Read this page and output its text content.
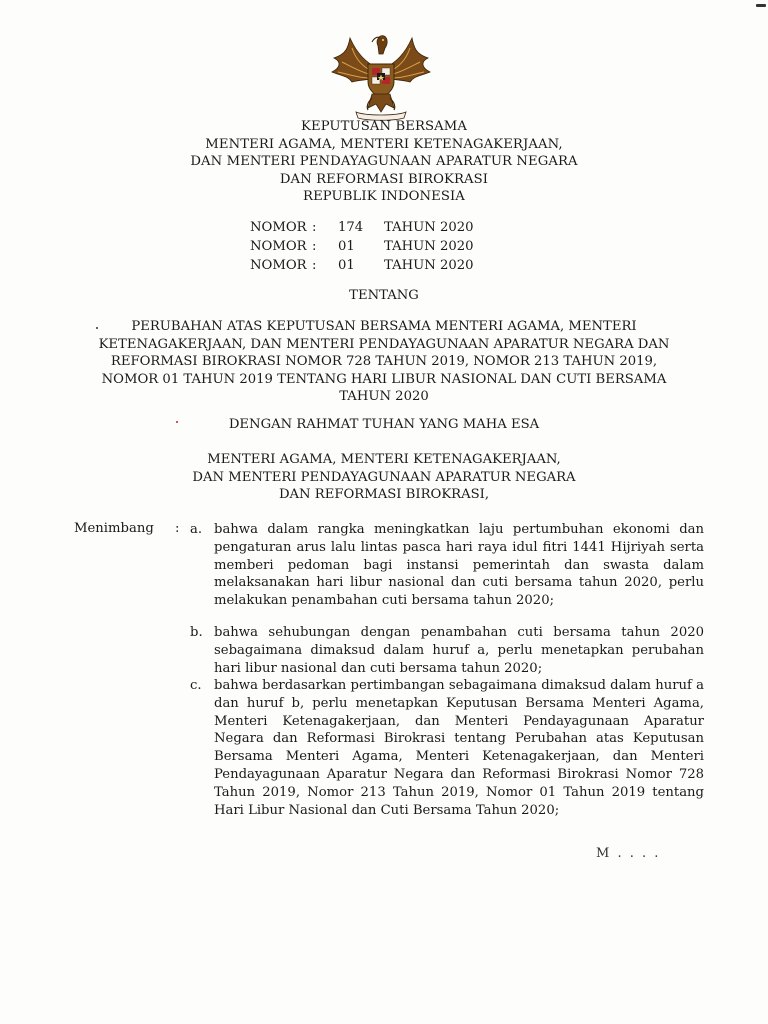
KEPUTUSAN BERSAMA
MENTERI AGAMA, MENTERI KETENAGAKERJAAN,
DAN MENTERI PENDAYAGUNAAN APARATUR NEGARA
DAN REFORMASI BIROKRASI
REPUBLIK INDONESIA
NOMOR :	174	TAHUN 2020
NOMOR :	01	TAHUN 2020
NOMOR :	01	TAHUN 2020
TENTANG
PERUBAHAN ATAS KEPUTUSAN BERSAMA MENTERI AGAMA, MENTERI
KETENAGAKERJAAN, DAN MENTERI PENDAYAGUNAAN APARATUR NEGARA DAN
REFORMASI BIROKRASI NOMOR 728 TAHUN 2019, NOMOR 213 TAHUN 2019,
NOMOR 01 TAHUN 2019 TENTANG HARI LIBUR NASIONAL DAN CUTI BERSAMA
TAHUN 2020
DENGAN RAHMAT TUHAN YANG MAHA ESA
MENTERI AGAMA, MENTERI KETENAGAKERJAAN,
DAN MENTERI PENDAYAGUNAAN APARATUR NEGARA
DAN REFORMASI BIROKRASI,
Menimbang : a. bahwa dalam rangka meningkatkan laju pertumbuhan ekonomi dan pengaturan arus lalu lintas pasca hari raya idul fitri 1441 Hijriyah serta memberi pedoman bagi instansi pemerintah dan swasta dalam melaksanakan hari libur nasional dan cuti bersama tahun 2020, perlu melakukan penambahan cuti bersama tahun 2020;
b. bahwa sehubungan dengan penambahan cuti bersama tahun 2020 sebagaimana dimaksud dalam huruf a, perlu menetapkan perubahan hari libur nasional dan cuti bersama tahun 2020;
c. bahwa berdasarkan pertimbangan sebagaimana dimaksud dalam huruf a dan huruf b, perlu menetapkan Keputusan Bersama Menteri Agama, Menteri Ketenagakerjaan, dan Menteri Pendayagunaan Aparatur Negara dan Reformasi Birokrasi tentang Perubahan atas Keputusan Bersama Menteri Agama, Menteri Ketenagakerjaan, dan Menteri Pendayagunaan Aparatur Negara dan Reformasi Birokrasi Nomor 728 Tahun 2019, Nomor 213 Tahun 2019, Nomor 01 Tahun 2019 tentang Hari Libur Nasional dan Cuti Bersama Tahun 2020;
M . . . .
